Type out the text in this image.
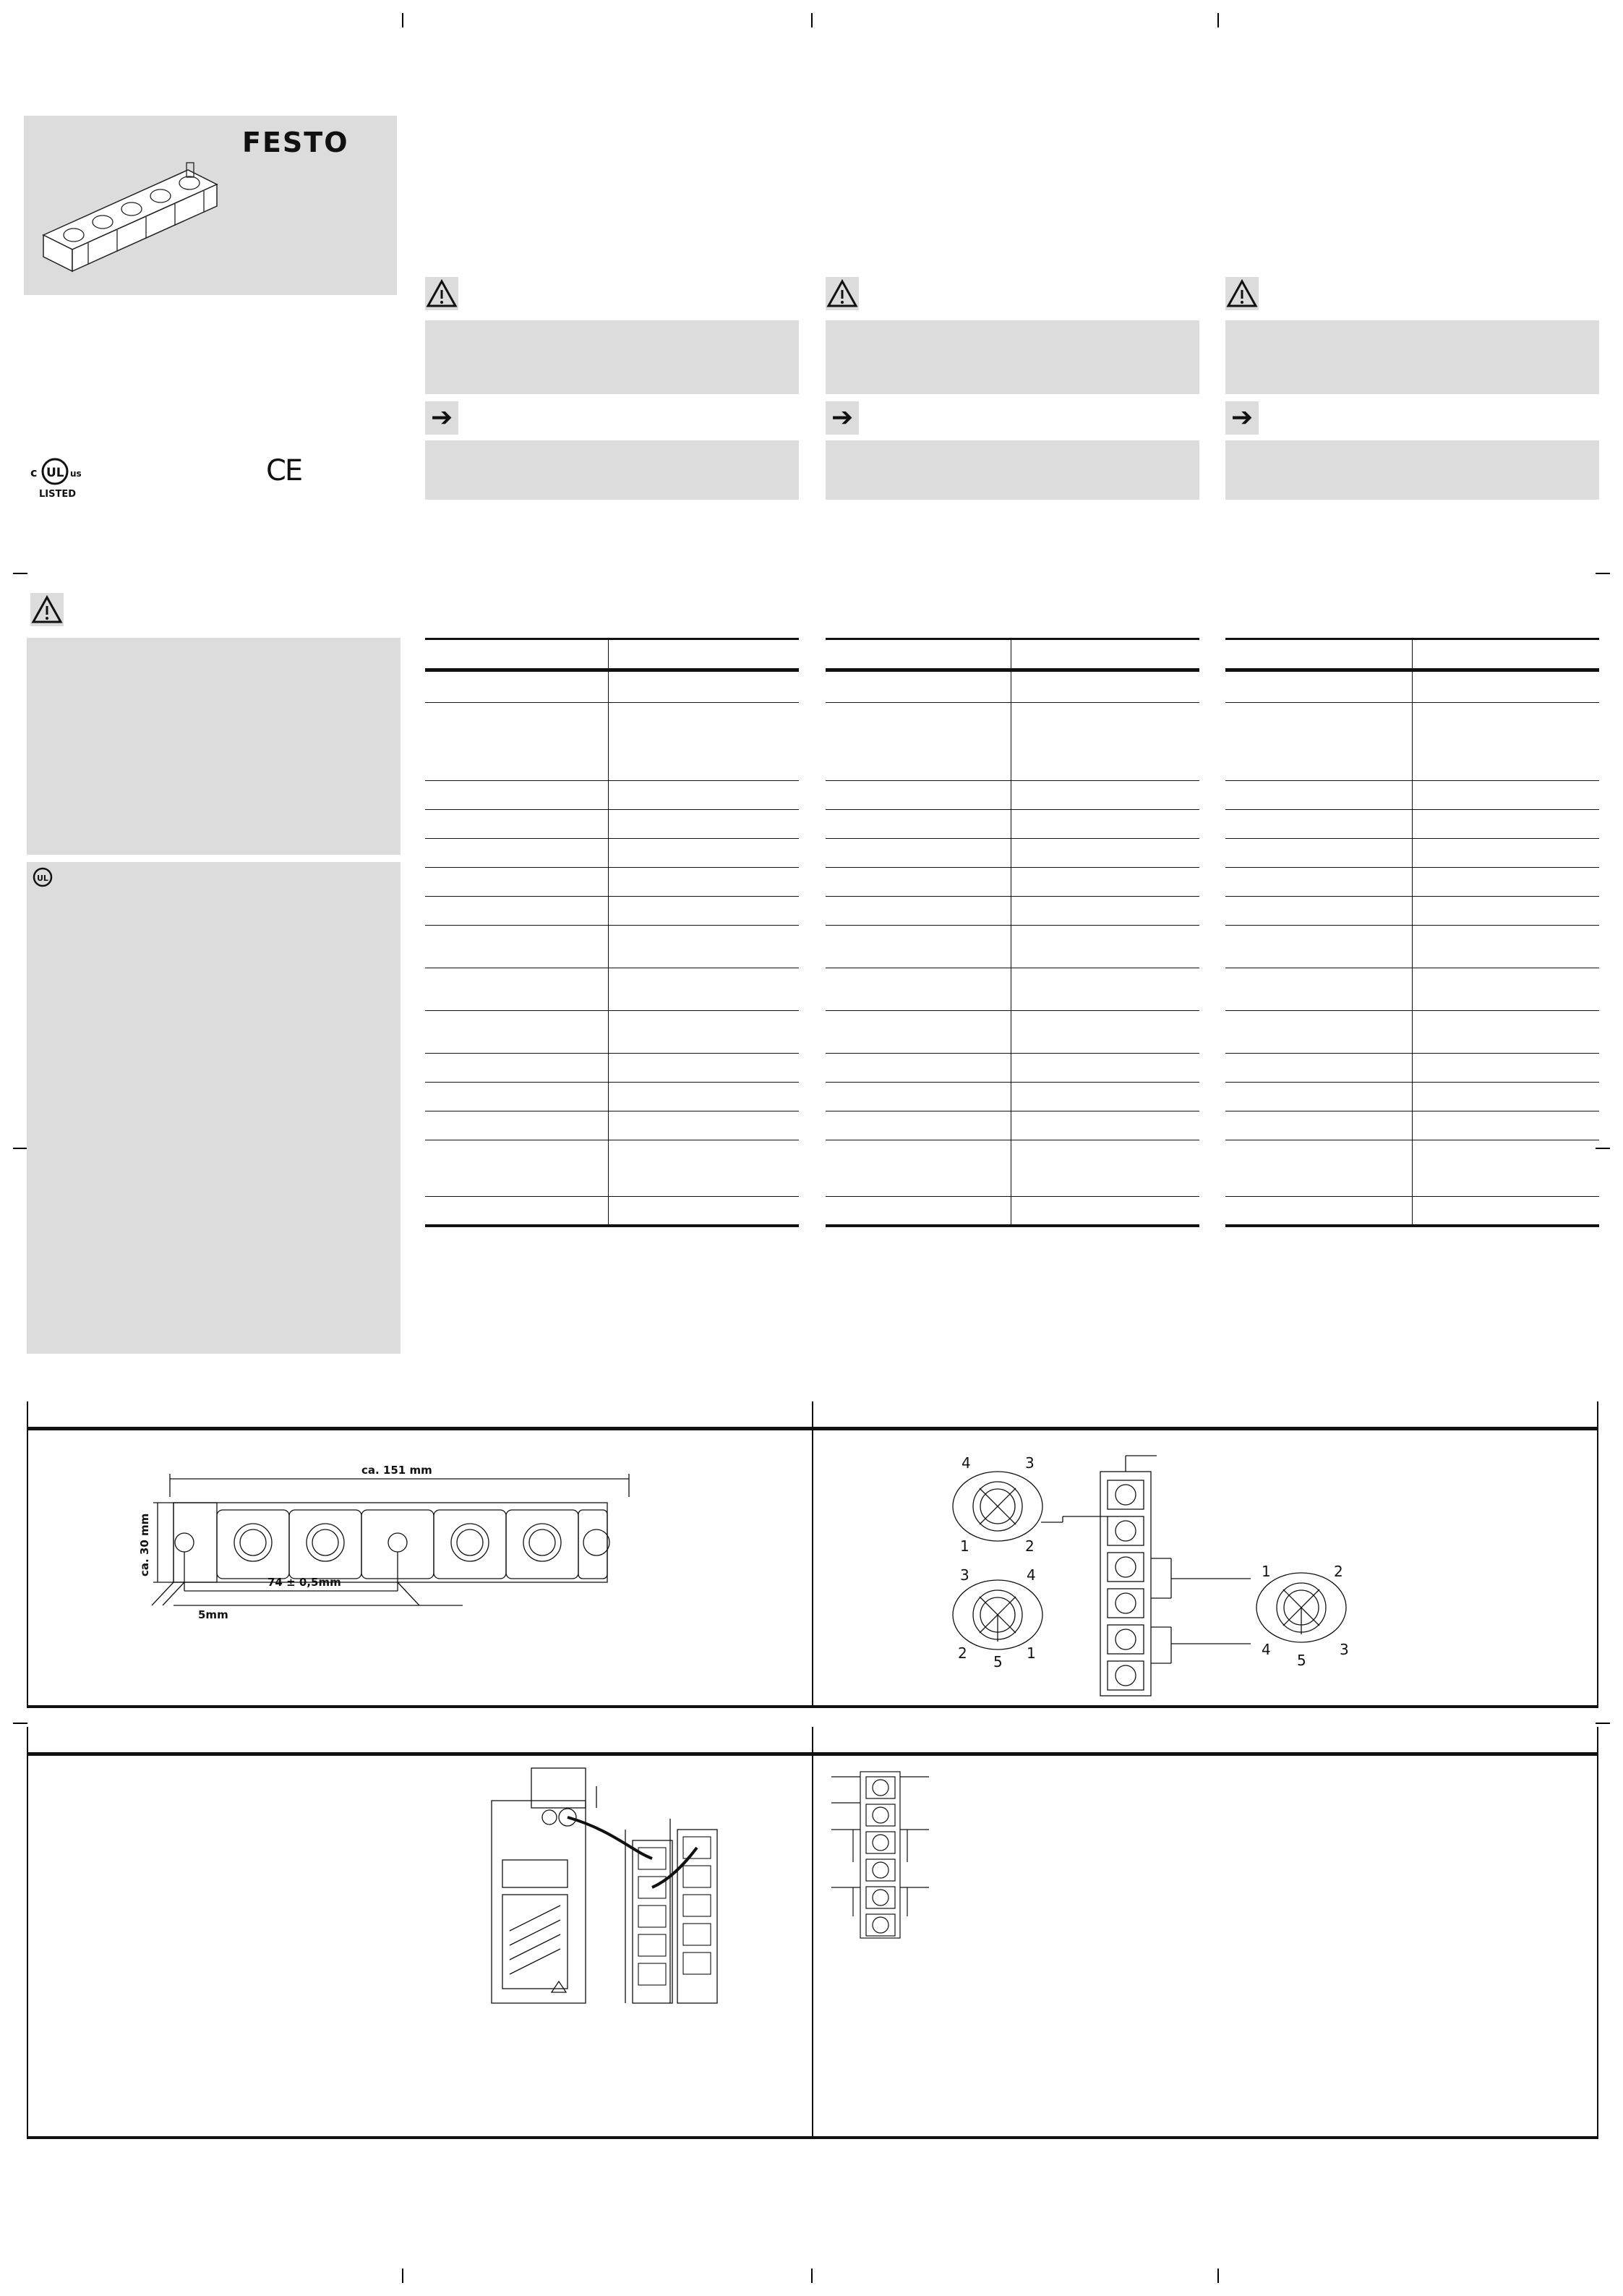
FESTO
c UL us
LISTED
CE
➔	➔	➔
UL

ca. 151 mm
ca. 30 mm
74 ± 0,5mm
5mm
4	3
1	2
3	4
2 5 1
1	2
4
5
3
